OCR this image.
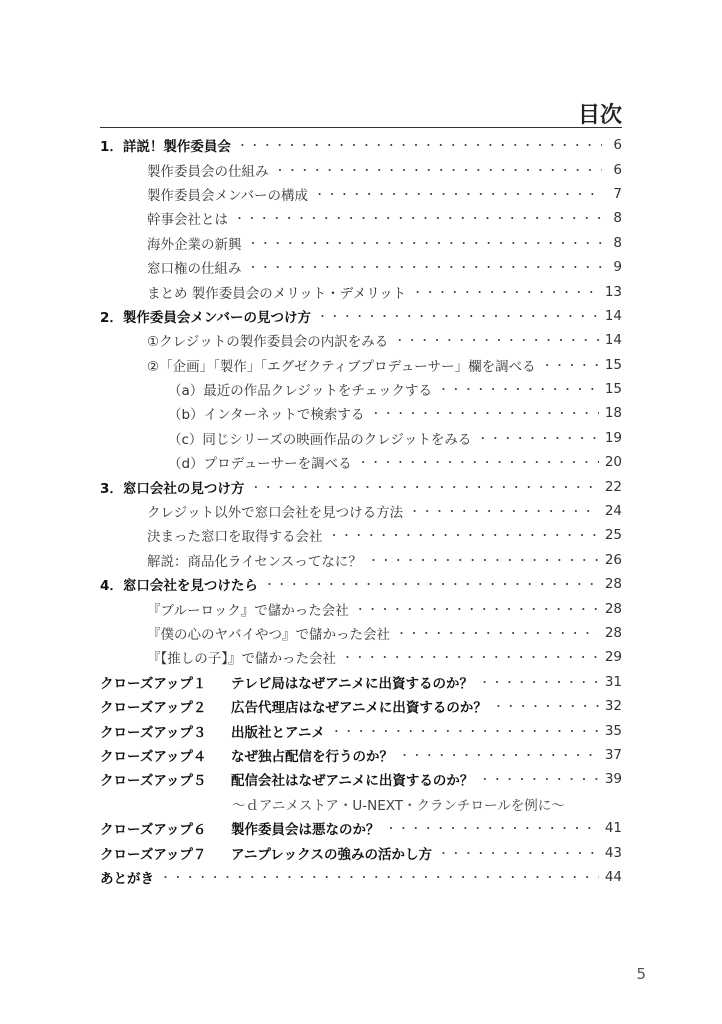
目次
1．詳説！製作委員会 ・・・・・・・・・・・・・・・・・・・・・・・・・・・・・・・・・・・・・・・・・・・・・・・・・・・・・・・・・・・・	6
製作委員会の仕組み ・・・・・・・・・・・・・・・・・・・・・・・・・・・・・・・・・・・・・・・・・・・・・・・・・・・・・・・・・・・・	6
製作委員会メンバーの構成 ・・・・・・・・・・・・・・・・・・・・・・・・・・・・・・・・・・・・・・・・・・・・・・・・・・・・・・・・・・・・	7
幹事会社とは ・・・・・・・・・・・・・・・・・・・・・・・・・・・・・・・・・・・・・・・・・・・・・・・・・・・・・・・・・・・・	8
海外企業の新興 ・・・・・・・・・・・・・・・・・・・・・・・・・・・・・・・・・・・・・・・・・・・・・・・・・・・・・・・・・・・・	8
窓口権の仕組み ・・・・・・・・・・・・・・・・・・・・・・・・・・・・・・・・・・・・・・・・・・・・・・・・・・・・・・・・・・・・	9
まとめ 製作委員会のメリット・デメリット ・・・・・・・・・・・・・・・・・・・・・・・・・・・・・・・・・・・・・・・・・・・・・・・・・・・・・・・・・・・・	13
2．製作委員会メンバーの見つけ方 ・・・・・・・・・・・・・・・・・・・・・・・・・・・・・・・・・・・・・・・・・・・・・・・・・・・・・・・・・・・・	14
①クレジットの製作委員会の内訳をみる ・・・・・・・・・・・・・・・・・・・・・・・・・・・・・・・・・・・・・・・・・・・・・・・・・・・・・・・・・・・・	14
②「企画」「製作」「エグゼクティブプロデューサー」欄を調べる ・・・・・・・・・・・・・・・・・・・・・・・・・・・・・・・・・・・・・・・・・・・・・・・・・・・・・・・・・・・・	15
（a）最近の作品クレジットをチェックする ・・・・・・・・・・・・・・・・・・・・・・・・・・・・・・・・・・・・・・・・・・・・・・・・・・・・・・・・・・・・	15
（b）インターネットで検索する ・・・・・・・・・・・・・・・・・・・・・・・・・・・・・・・・・・・・・・・・・・・・・・・・・・・・・・・・・・・・	18
（c）同じシリーズの映画作品のクレジットをみる ・・・・・・・・・・・・・・・・・・・・・・・・・・・・・・・・・・・・・・・・・・・・・・・・・・・・・・・・・・・・	19
（d）プロデューサーを調べる ・・・・・・・・・・・・・・・・・・・・・・・・・・・・・・・・・・・・・・・・・・・・・・・・・・・・・・・・・・・・	20
3．窓口会社の見つけ方 ・・・・・・・・・・・・・・・・・・・・・・・・・・・・・・・・・・・・・・・・・・・・・・・・・・・・・・・・・・・・	22
クレジット以外で窓口会社を見つける方法 ・・・・・・・・・・・・・・・・・・・・・・・・・・・・・・・・・・・・・・・・・・・・・・・・・・・・・・・・・・・・	24
決まった窓口を取得する会社 ・・・・・・・・・・・・・・・・・・・・・・・・・・・・・・・・・・・・・・・・・・・・・・・・・・・・・・・・・・・・	25
解説：商品化ライセンスってなに？ ・・・・・・・・・・・・・・・・・・・・・・・・・・・・・・・・・・・・・・・・・・・・・・・・・・・・・・・・・・・・	26
4．窓口会社を見つけたら ・・・・・・・・・・・・・・・・・・・・・・・・・・・・・・・・・・・・・・・・・・・・・・・・・・・・・・・・・・・・	28
『ブルーロック』で儲かった会社 ・・・・・・・・・・・・・・・・・・・・・・・・・・・・・・・・・・・・・・・・・・・・・・・・・・・・・・・・・・・・	28
『僕の心のヤバイやつ』で儲かった会社 ・・・・・・・・・・・・・・・・・・・・・・・・・・・・・・・・・・・・・・・・・・・・・・・・・・・・・・・・・・・・	28
『【推しの子】』で儲かった会社 ・・・・・・・・・・・・・・・・・・・・・・・・・・・・・・・・・・・・・・・・・・・・・・・・・・・・・・・・・・・・	29
クローズアップ１ テレビ局はなぜアニメに出資するのか？ ・・・・・・・・・・・・・・・・・・・・・・・・・・・・・・・・・・・・・・・・・・・・・・・・・・・・・・・・・・・・	31
クローズアップ２ 広告代理店はなぜアニメに出資するのか？ ・・・・・・・・・・・・・・・・・・・・・・・・・・・・・・・・・・・・・・・・・・・・・・・・・・・・・・・・・・・・	32
クローズアップ３ 出版社とアニメ ・・・・・・・・・・・・・・・・・・・・・・・・・・・・・・・・・・・・・・・・・・・・・・・・・・・・・・・・・・・・	35
クローズアップ４ なぜ独占配信を行うのか？ ・・・・・・・・・・・・・・・・・・・・・・・・・・・・・・・・・・・・・・・・・・・・・・・・・・・・・・・・・・・・	37
クローズアップ５ 配信会社はなぜアニメに出資するのか？ ・・・・・・・・・・・・・・・・・・・・・・・・・・・・・・・・・・・・・・・・・・・・・・・・・・・・・・・・・・・・	39
～ｄアニメストア・U-NEXT・クランチロールを例に～
クローズアップ６ 製作委員会は悪なのか？ ・・・・・・・・・・・・・・・・・・・・・・・・・・・・・・・・・・・・・・・・・・・・・・・・・・・・・・・・・・・・	41
クローズアップ７ アニプレックスの強みの活かし方 ・・・・・・・・・・・・・・・・・・・・・・・・・・・・・・・・・・・・・・・・・・・・・・・・・・・・・・・・・・・・	43
あとがき ・・・・・・・・・・・・・・・・・・・・・・・・・・・・・・・・・・・・・・・・・・・・・・・・・・・・・・・・・・・・	44
5
